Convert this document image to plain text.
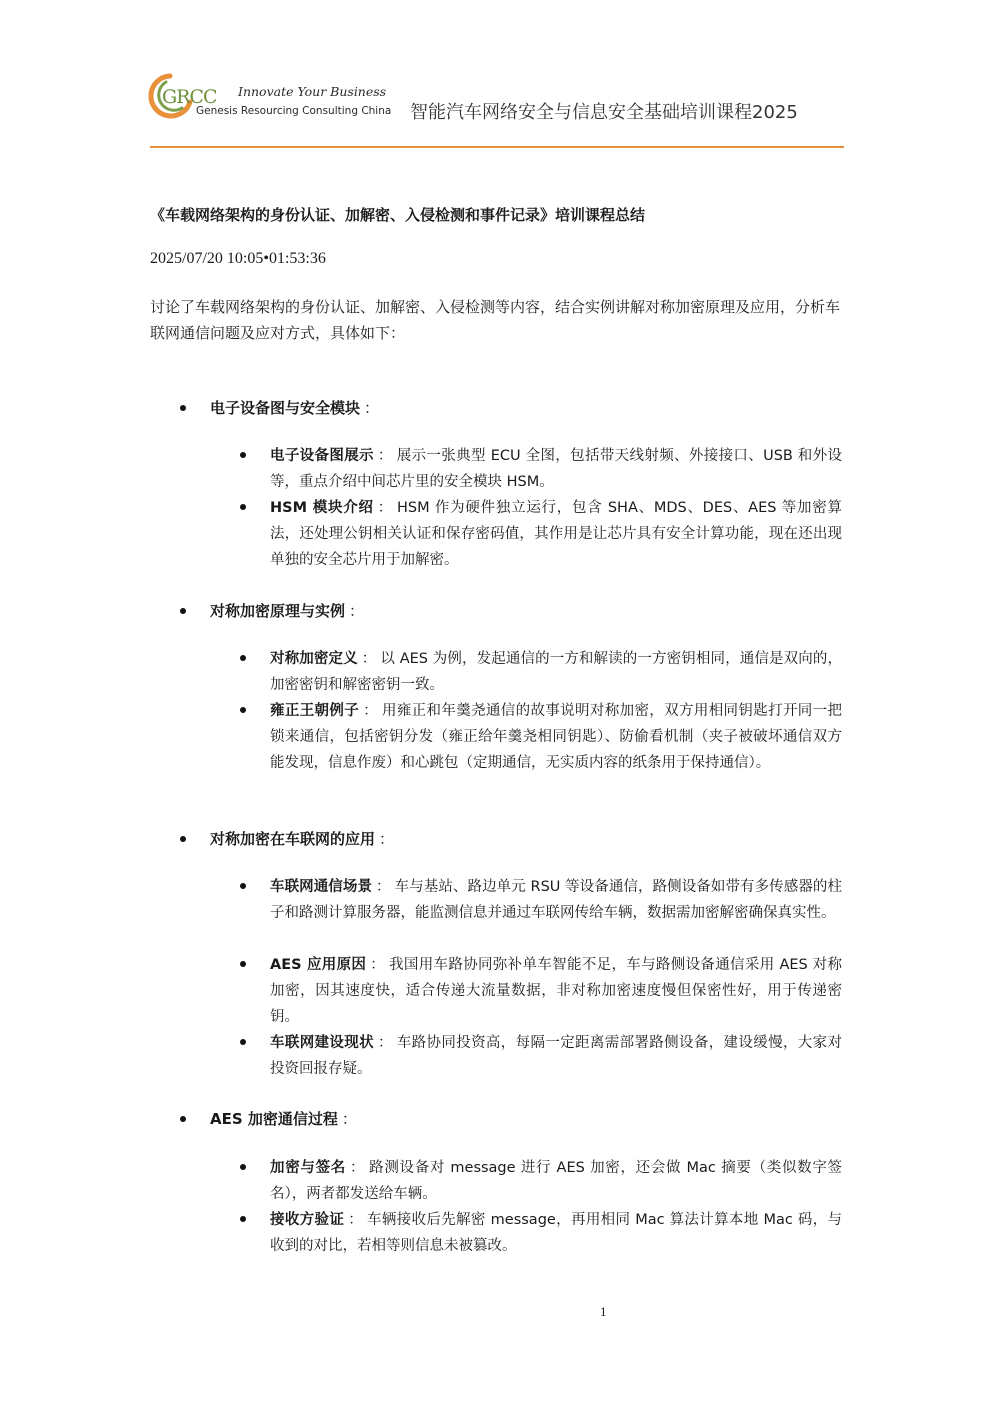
GRCC Innovate Your Business
Genesis Resourcing Consulting China 智能汽车网络安全与信息安全基础培训课程2025
《车载网络架构的身份认证、加解密、入侵检测和事件记录》培训课程总结
2025/07/20 10:05•01:53:36
讨论了车载网络架构的身份认证、加解密、入侵检测等内容，结合实例讲解对称加密原理及应用，分析车联网通信问题及应对方式，具体如下：
电子设备图与安全模块 ：
电子设备图展示 ： 展示一张典型 ECU 全图，包括带天线射频、外接接口、USB 和外设等，重点介绍中间芯片里的安全模块 HSM。
HSM 模块介绍 ： HSM 作为硬件独立运行，包含 SHA、MDS、DES、AES 等加密算法，还处理公钥相关认证和保存密码值，其作用是让芯片具有安全计算功能，现在还出现单独的安全芯片用于加解密。
对称加密原理与实例 ：
对称加密定义 ： 以 AES 为例，发起通信的一方和解读的一方密钥相同，通信是双向的，加密密钥和解密密钥一致。
雍正王朝例子 ： 用雍正和年羹尧通信的故事说明对称加密，双方用相同钥匙打开同一把锁来通信，包括密钥分发（雍正给年羹尧相同钥匙）、防偷看机制（夹子被破坏通信双方能发现，信息作废）和心跳包（定期通信，无实质内容的纸条用于保持通信）。
对称加密在车联网的应用 ：
车联网通信场景 ： 车与基站、路边单元 RSU 等设备通信，路侧设备如带有多传感器的柱子和路测计算服务器，能监测信息并通过车联网传给车辆，数据需加密解密确保真实性。
AES 应用原因 ： 我国用车路协同弥补单车智能不足，车与路侧设备通信采用 AES 对称加密，因其速度快，适合传递大流量数据，非对称加密速度慢但保密性好，用于传递密钥。
车联网建设现状 ： 车路协同投资高，每隔一定距离需部署路侧设备，建设缓慢，大家对投资回报存疑。
AES 加密通信过程 ：
加密与签名 ： 路测设备对 message 进行 AES 加密，还会做 Mac 摘要（类似数字签名），两者都发送给车辆。
接收方验证 ： 车辆接收后先解密 message，再用相同 Mac 算法计算本地 Mac 码，与收到的对比，若相等则信息未被篡改。
1
